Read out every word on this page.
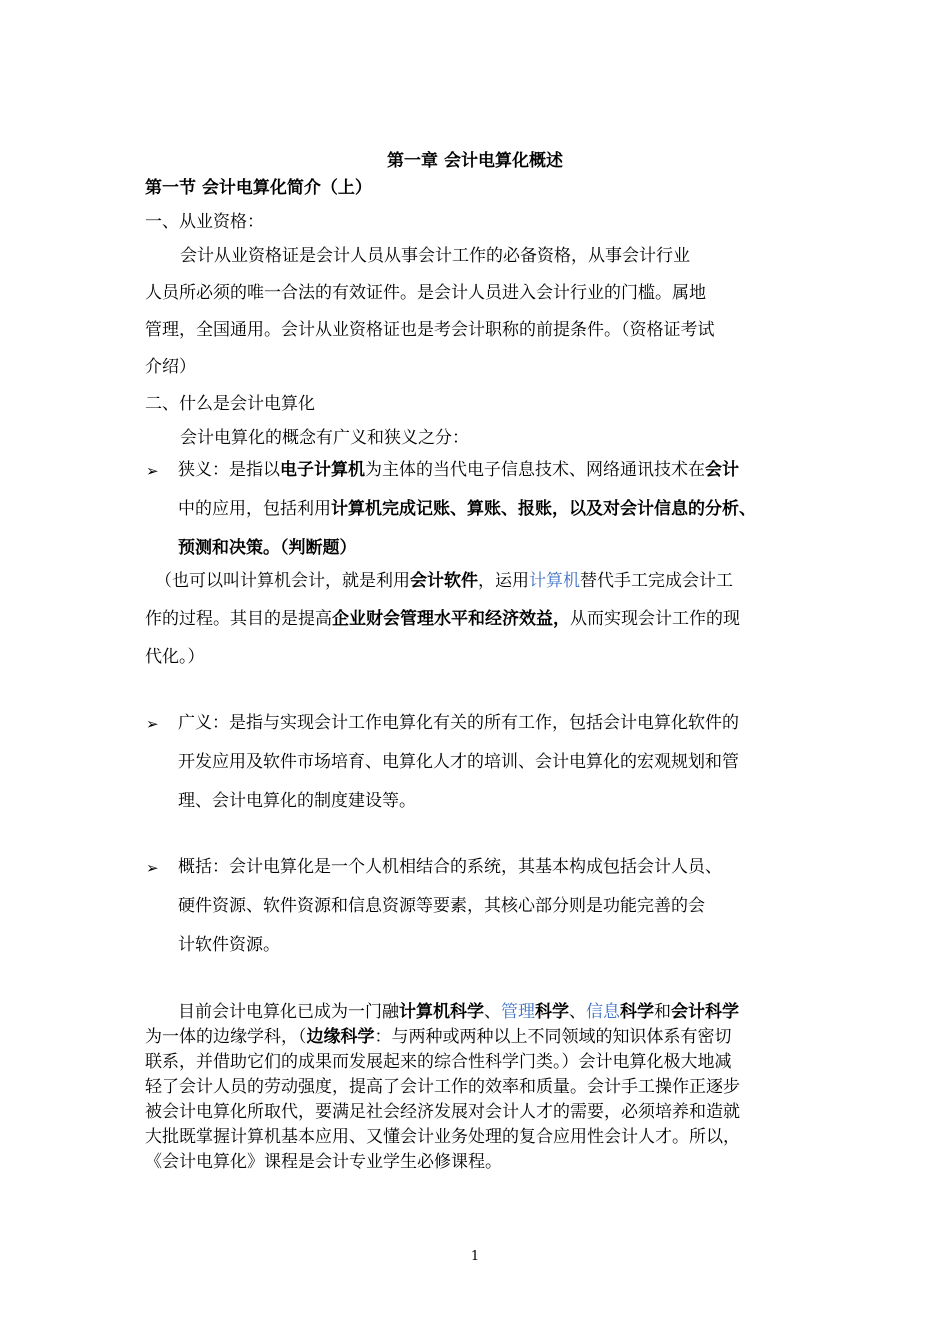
第一章 会计电算化概述
第一节 会计电算化简介（上）
一、从业资格：
会计从业资格证是会计人员从事会计工作的必备资格，从事会计行业
人员所必须的唯一合法的有效证件。是会计人员进入会计行业的门槛。属地
管理，全国通用。会计从业资格证也是考会计职称的前提条件。（资格证考试
介绍）
二、什么是会计电算化
会计电算化的概念有广义和狭义之分：
➢ 狭义：是指以电子计算机为主体的当代电子信息技术、网络通讯技术在会计
中的应用，包括利用计算机完成记账、算账、报账，以及对会计信息的分析、
预测和决策。（判断题）
（也可以叫计算机会计，就是利用会计软件，运用计算机替代手工完成会计工
作的过程。其目的是提高企业财会管理水平和经济效益，从而实现会计工作的现
代化。）
➢ 广义：是指与实现会计工作电算化有关的所有工作，包括会计电算化软件的
开发应用及软件市场培育、电算化人才的培训、会计电算化的宏观规划和管
理、会计电算化的制度建设等。
➢ 概括：会计电算化是一个人机相结合的系统，其基本构成包括会计人员、
硬件资源、软件资源和信息资源等要素，其核心部分则是功能完善的会
计软件资源。
目前会计电算化已成为一门融计算机科学、管理科学、信息科学和会计科学
为一体的边缘学科，（边缘科学：与两种或两种以上不同领域的知识体系有密切
联系，并借助它们的成果而发展起来的综合性科学门类。）会计电算化极大地减
轻了会计人员的劳动强度，提高了会计工作的效率和质量。会计手工操作正逐步
被会计电算化所取代，要满足社会经济发展对会计人才的需要，必须培养和造就
大批既掌握计算机基本应用、又懂会计业务处理的复合应用性会计人才。所以，
《会计电算化》课程是会计专业学生必修课程。
1
